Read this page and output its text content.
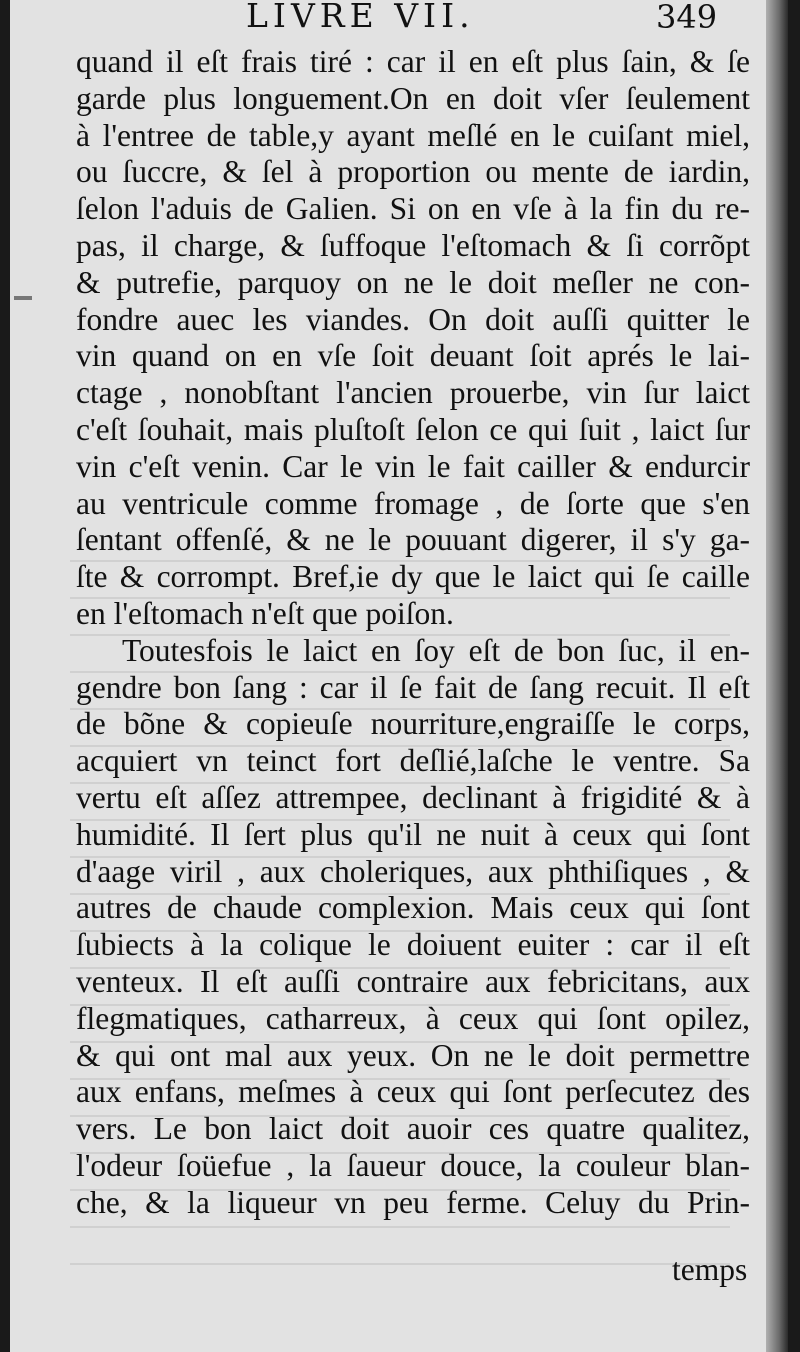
LIVRE VII.	349
quand il eſt frais tiré : car il en eſt plus ſain, & ſe
garde plus longuement.On en doit vſer ſeulement
à l'entree de table,y ayant meſlé en le cuiſant miel,
ou ſuccre, & ſel à proportion ou mente de iardin,
ſelon l'aduis de Galien. Si on en vſe à la fin du re-
pas, il charge, & ſuffoque l'eſtomach & ſi corrõpt
& putrefie, parquoy on ne le doit meſler ne con-
fondre auec les viandes. On doit auſſi quitter le
vin quand on en vſe ſoit deuant ſoit aprés le lai-
ctage , nonobſtant l'ancien prouerbe, vin ſur laict
c'eſt ſouhait, mais pluſtoſt ſelon ce qui ſuit , laict ſur
vin c'eſt venin. Car le vin le fait cailler & endurcir
au ventricule comme fromage , de ſorte que s'en
ſentant offenſé, & ne le pouuant digerer, il s'y ga-
ſte & corrompt. Bref,ie dy que le laict qui ſe caille
en l'eſtomach n'eſt que poiſon.
Toutesfois le laict en ſoy eſt de bon ſuc, il en-
gendre bon ſang : car il ſe fait de ſang recuit. Il eſt
de bõne & copieuſe nourriture,engraiſſe le corps,
acquiert vn teinct fort deſlié,laſche le ventre. Sa
vertu eſt aſſez attrempee, declinant à frigidité & à
humidité. Il ſert plus qu'il ne nuit à ceux qui ſont
d'aage viril , aux choleriques, aux phthiſiques , &
autres de chaude complexion. Mais ceux qui ſont
ſubiects à la colique le doiuent euiter : car il eſt
venteux. Il eſt auſſi contraire aux febricitans, aux
flegmatiques, catharreux, à ceux qui ſont opilez,
& qui ont mal aux yeux. On ne le doit permettre
aux enfans, meſmes à ceux qui ſont perſecutez des
vers. Le bon laict doit auoir ces quatre qualitez,
l'odeur ſoüefue , la ſaueur douce, la couleur blan-
che, & la liqueur vn peu ferme. Celuy du Prin-
temps
